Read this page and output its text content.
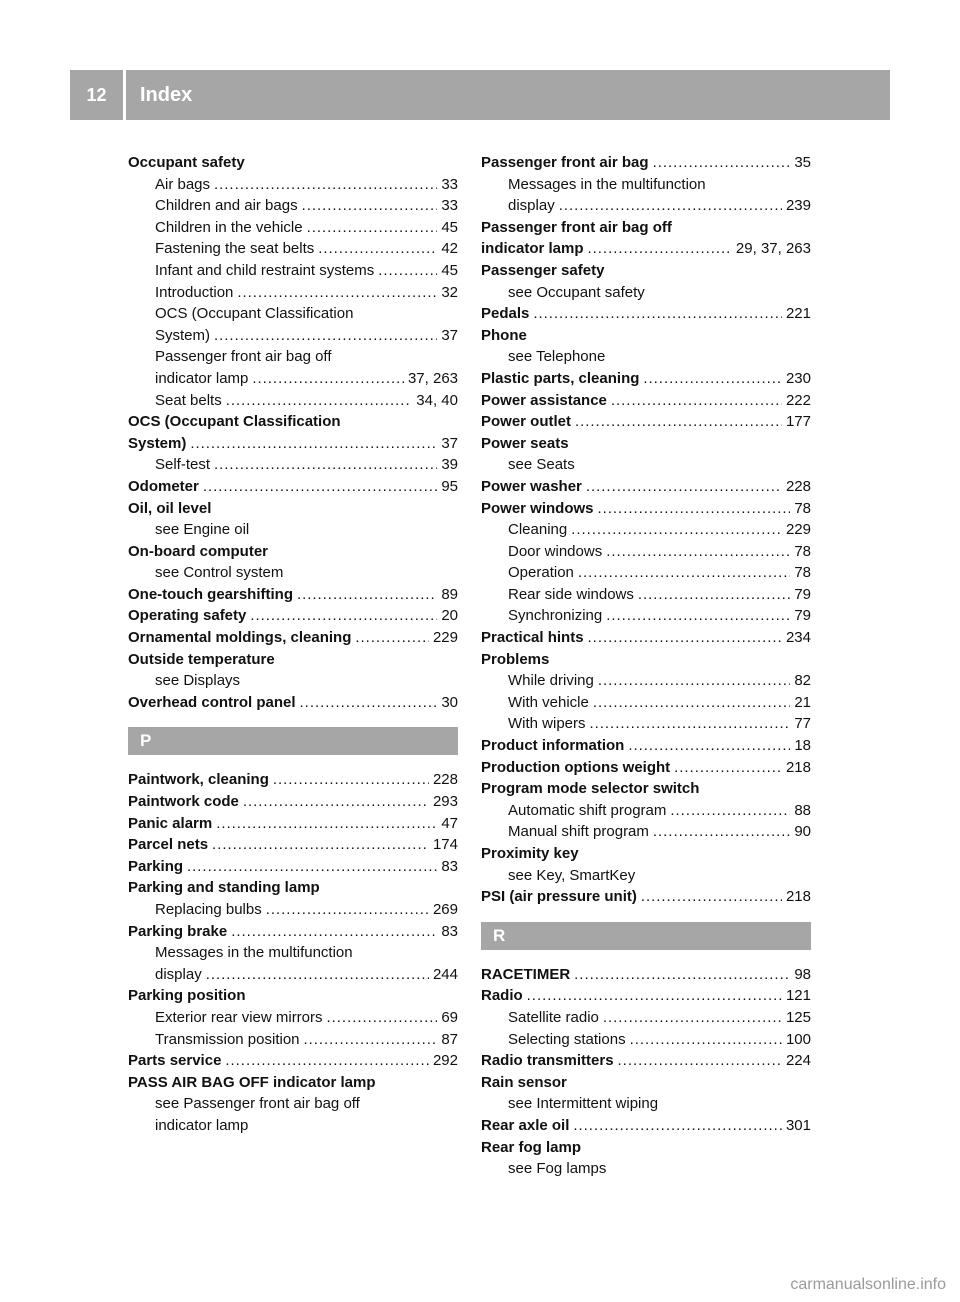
12	Index
Occupant safety
Air bags . . .	33
Children and air bags . . .	33
Children in the vehicle . . .	45
Fastening the seat belts . . .	42
Infant and child restraint systems . . .	45
Introduction . . .	32
OCS (Occupant Classification
System) . . .	37
Passenger front air bag off
indicator lamp . . .	37, 263
Seat belts . . .	34, 40
OCS (Occupant Classification
System) . . .	37
Self-test . . .	39
Odometer . . .	95
Oil, oil level
see Engine oil
On-board computer
see Control system
One-touch gearshifting . . .	89
Operating safety . . .	20
Ornamental moldings, cleaning . . .	229
Outside temperature
see Displays
Overhead control panel . . .	30
P
Paintwork, cleaning . . .	228
Paintwork code . . .	293
Panic alarm . . .	47
Parcel nets . . .	174
Parking . . .	83
Parking and standing lamp
Replacing bulbs . . .	269
Parking brake . . .	83
Messages in the multifunction
display . . .	244
Parking position
Exterior rear view mirrors . . .	69
Transmission position . . .	87
Parts service . . .	292
PASS AIR BAG OFF indicator lamp
see Passenger front air bag off
indicator lamp
Passenger front air bag . . .	35
Messages in the multifunction
display . . .	239
Passenger front air bag off
indicator lamp . . .	29, 37, 263
Passenger safety
see Occupant safety
Pedals . . .	221
Phone
see Telephone
Plastic parts, cleaning . . .	230
Power assistance . . .	222
Power outlet . . .	177
Power seats
see Seats
Power washer . . .	228
Power windows . . .	78
Cleaning . . .	229
Door windows . . .	78
Operation . . .	78
Rear side windows . . .	79
Synchronizing . . .	79
Practical hints . . .	234
Problems
While driving . . .	82
With vehicle . . .	21
With wipers . . .	77
Product information . . .	18
Production options weight . . .	218
Program mode selector switch
Automatic shift program . . .	88
Manual shift program . . .	90
Proximity key
see Key, SmartKey
PSI (air pressure unit) . . .	218
R
RACETIMER . . .	98
Radio . . .	121
Satellite radio . . .	125
Selecting stations . . .	100
Radio transmitters . . .	224
Rain sensor
see Intermittent wiping
Rear axle oil . . .	301
Rear fog lamp
see Fog lamps
carmanualsonline.info
